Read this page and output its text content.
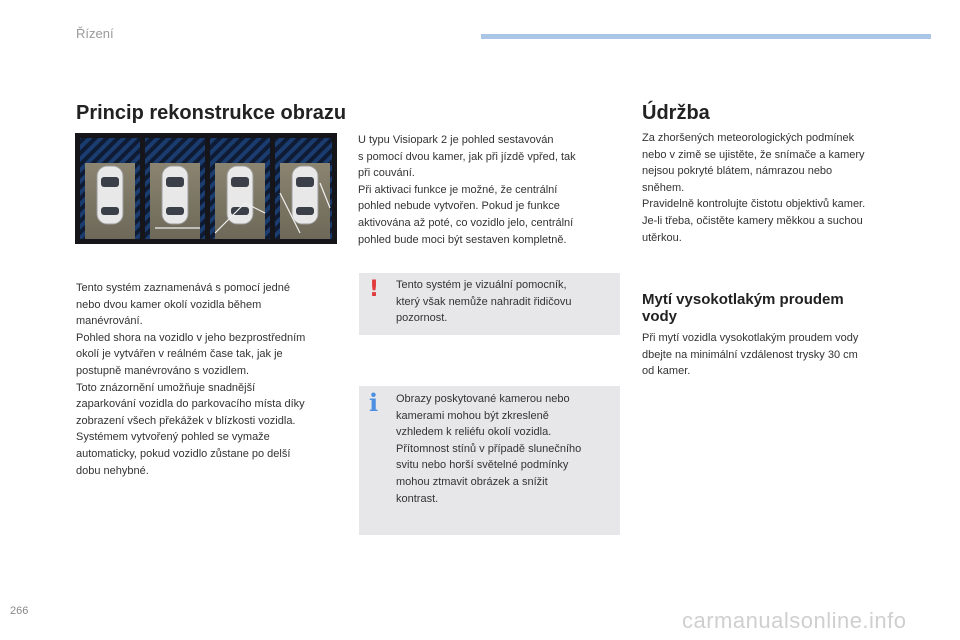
Řízení
Princip rekonstrukce obrazu
Tento systém zaznamenává s pomocí jedné
nebo dvou kamer okolí vozidla během
manévrování.
Pohled shora na vozidlo v jeho bezprostředním
okolí je vytvářen v reálném čase tak, jak je
postupně manévrováno s vozidlem.
Toto znázornění umožňuje snadnější
zaparkování vozidla do parkovacího místa díky
zobrazení všech překážek v blízkosti vozidla.
Systémem vytvořený pohled se vymaže
automaticky, pokud vozidlo zůstane po delší
dobu nehybné.
U typu Visiopark 2 je pohled sestavován
s pomocí dvou kamer, jak při jízdě vpřed, tak
při couvání.
Při aktivaci funkce je možné, že centrální
pohled nebude vytvořen. Pokud je funkce
aktivována až poté, co vozidlo jelo, centrální
pohled bude moci být sestaven kompletně.
! Tento systém je vizuální pomocník,
který však nemůže nahradit řidičovu
pozornost.
i Obrazy poskytované kamerou nebo
kamerami mohou být zkresleně
vzhledem k reliéfu okolí vozidla.
Přítomnost stínů v případě slunečního
svitu nebo horší světelné podmínky
mohou ztmavit obrázek a snížit
kontrast.
Údržba
Za zhoršených meteorologických podmínek
nebo v zimě se ujistěte, že snímače a kamery
nejsou pokryté blátem, námrazou nebo
sněhem.
Pravidelně kontrolujte čistotu objektivů kamer.
Je-li třeba, očistěte kamery měkkou a suchou
utěrkou.
Mytí vysokotlakým proudem
vody
Při mytí vozidla vysokotlakým proudem vody
dbejte na minimální vzdálenost trysky 30 cm
od kamer.
266	carmanualsonline.info
